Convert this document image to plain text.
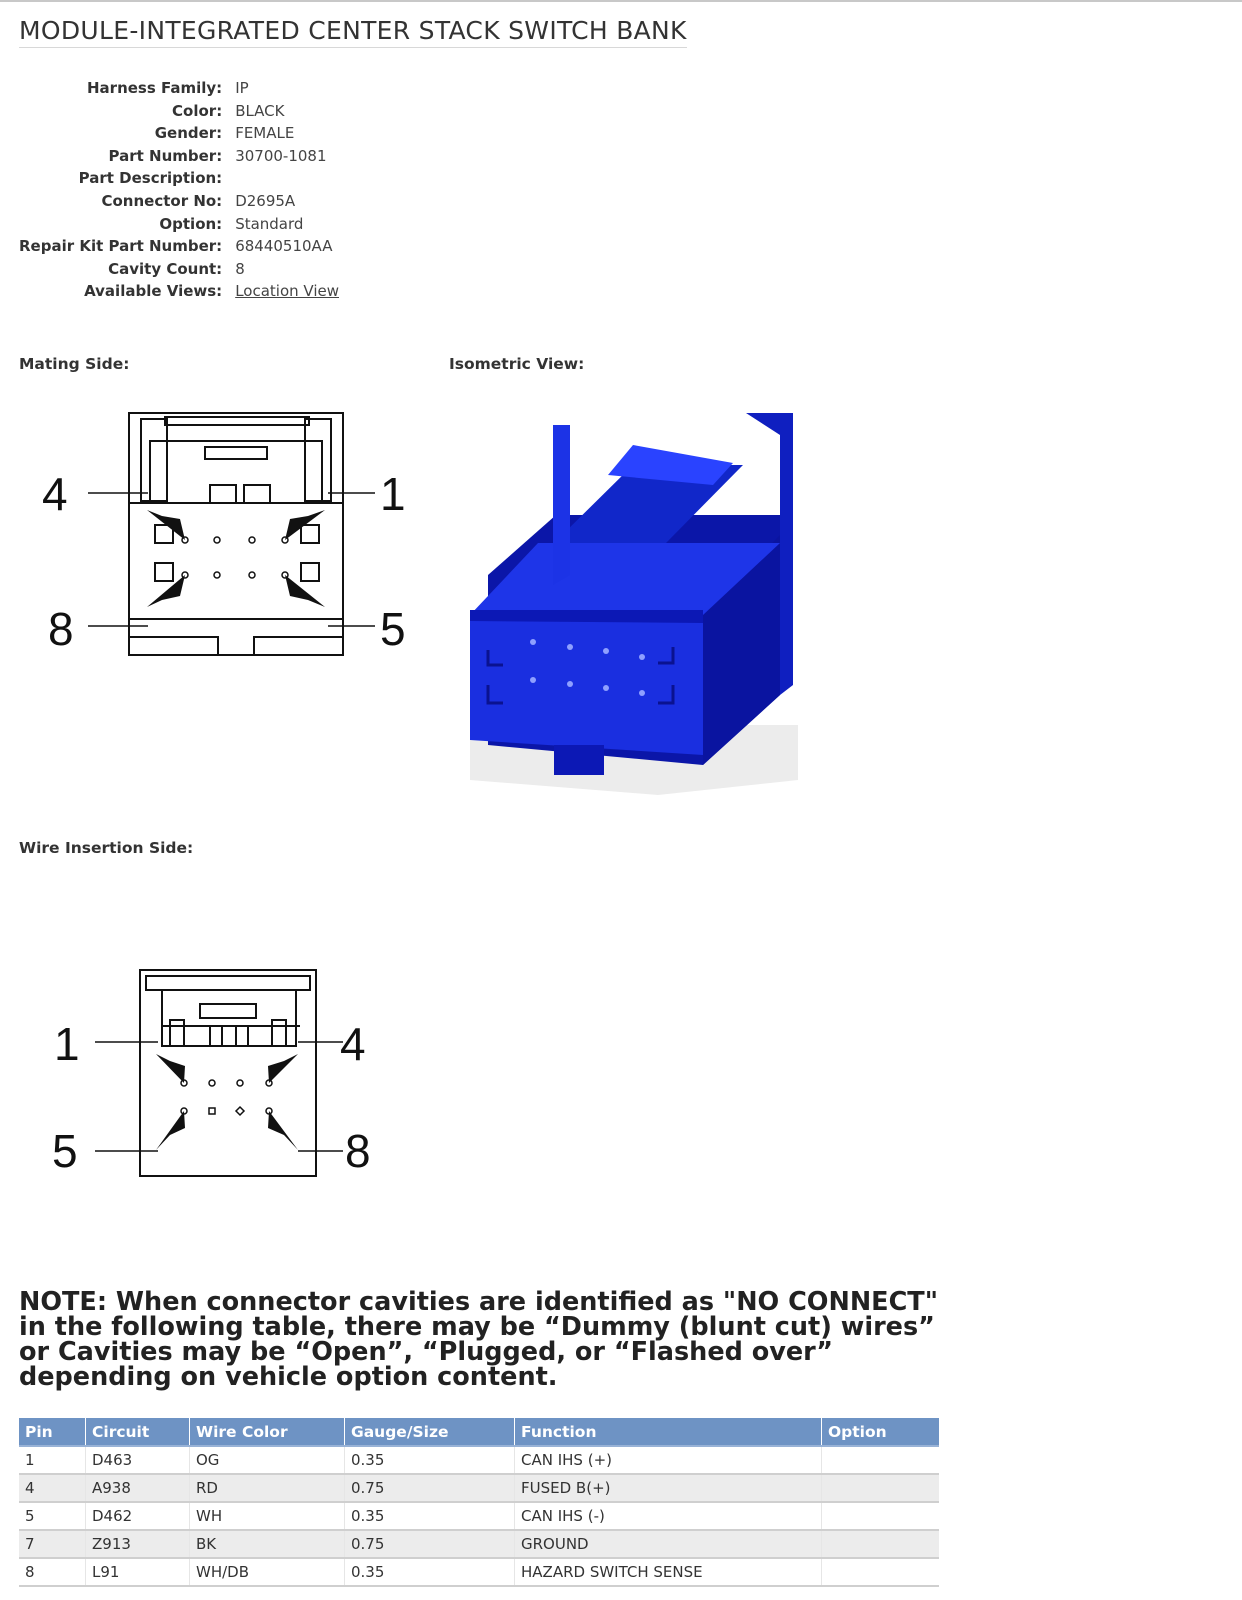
MODULE-INTEGRATED CENTER STACK SWITCH BANK
Harness Family:	IP
Color:	BLACK
Gender:	FEMALE
Part Number:	30700-1081
Part Description:	
Connector No:	D2695A
Option:	Standard
Repair Kit Part Number:	68440510AA
Cavity Count:	8
Available Views:	Location View

Mating Side:	Isometric View:

Wire Insertion Side:

4	1
8	5
1	4
5	8

NOTE: When connector cavities are identified as "NO CONNECT" in the following table, there may be “Dummy (blunt cut) wires” or Cavities may be “Open”, “Plugged, or “Flashed over” depending on vehicle option content.

Pin	Circuit	Wire Color	Gauge/Size	Function	Option
1	D463	OG	0.35	CAN IHS (+)	
4	A938	RD	0.75	FUSED B(+)	
5	D462	WH	0.35	CAN IHS (-)	
7	Z913	BK	0.75	GROUND	
8	L91	WH/DB	0.35	HAZARD SWITCH SENSE	
